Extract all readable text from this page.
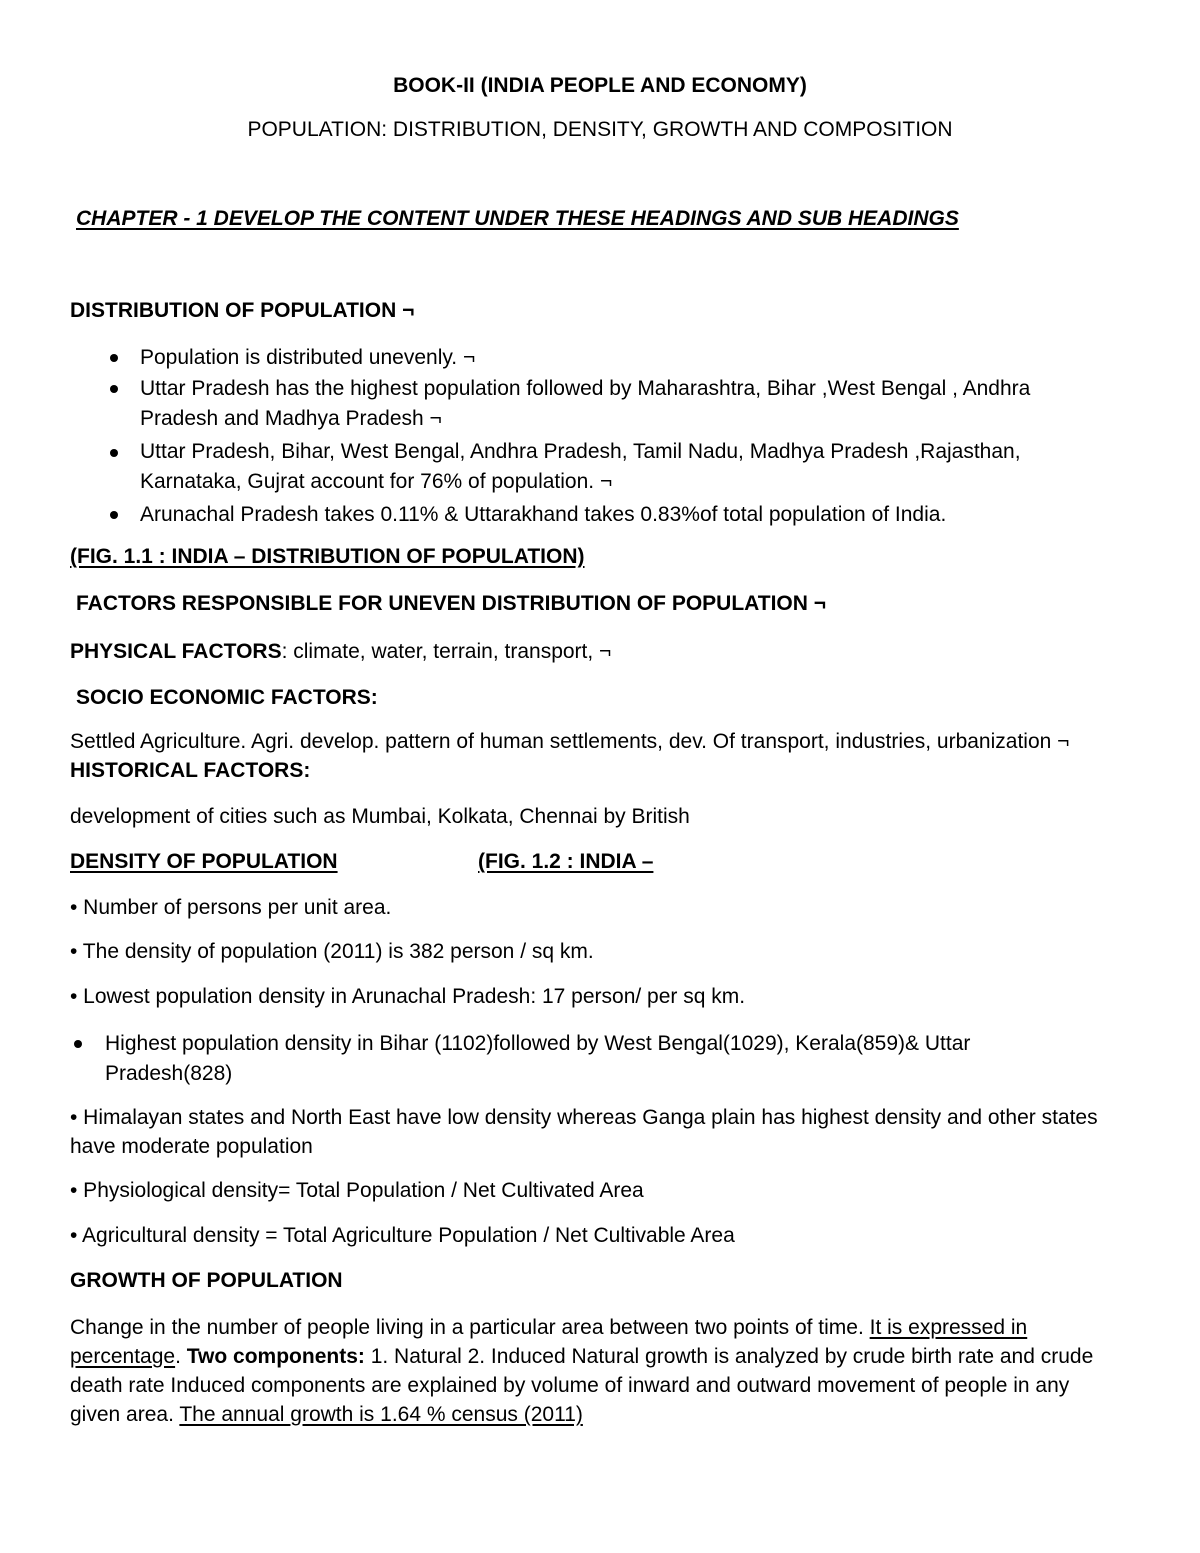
BOOK-II (INDIA PEOPLE AND ECONOMY)
POPULATION: DISTRIBUTION, DENSITY, GROWTH AND COMPOSITION
CHAPTER - 1 DEVELOP THE CONTENT UNDER THESE HEADINGS AND SUB HEADINGS
DISTRIBUTION OF POPULATION ¬
Population is distributed unevenly. ¬
Uttar Pradesh has the highest population followed by Maharashtra, Bihar ,West Bengal , Andhra Pradesh and Madhya Pradesh ¬
Uttar Pradesh, Bihar, West Bengal, Andhra Pradesh, Tamil Nadu, Madhya Pradesh ,Rajasthan, Karnataka, Gujrat account for 76% of population. ¬
Arunachal Pradesh takes 0.11% & Uttarakhand takes 0.83%of total population of India.
(FIG. 1.1 : INDIA – DISTRIBUTION OF POPULATION)
FACTORS RESPONSIBLE FOR UNEVEN DISTRIBUTION OF POPULATION ¬
PHYSICAL FACTORS: climate, water, terrain, transport, ¬
SOCIO ECONOMIC FACTORS:
Settled Agriculture. Agri. develop. pattern of human settlements, dev. Of transport, industries, urbanization ¬ HISTORICAL FACTORS:
development of cities such as Mumbai, Kolkata, Chennai by British
DENSITY OF POPULATION	(FIG. 1.2 : INDIA –
• Number of persons per unit area.
• The density of population (2011) is 382 person / sq km.
• Lowest population density in Arunachal Pradesh: 17 person/ per sq km.
Highest population density in Bihar (1102)followed by West Bengal(1029), Kerala(859)& Uttar Pradesh(828)
• Himalayan states and North East have low density whereas Ganga plain has highest density and other states have moderate population
• Physiological density= Total Population / Net Cultivated Area
• Agricultural density = Total Agriculture Population / Net Cultivable Area
GROWTH OF POPULATION
Change in the number of people living in a particular area between two points of time. It is expressed in percentage. Two components: 1. Natural 2. Induced Natural growth is analyzed by crude birth rate and crude death rate Induced components are explained by volume of inward and outward movement of people in any given area. The annual growth is 1.64 % census (2011)
